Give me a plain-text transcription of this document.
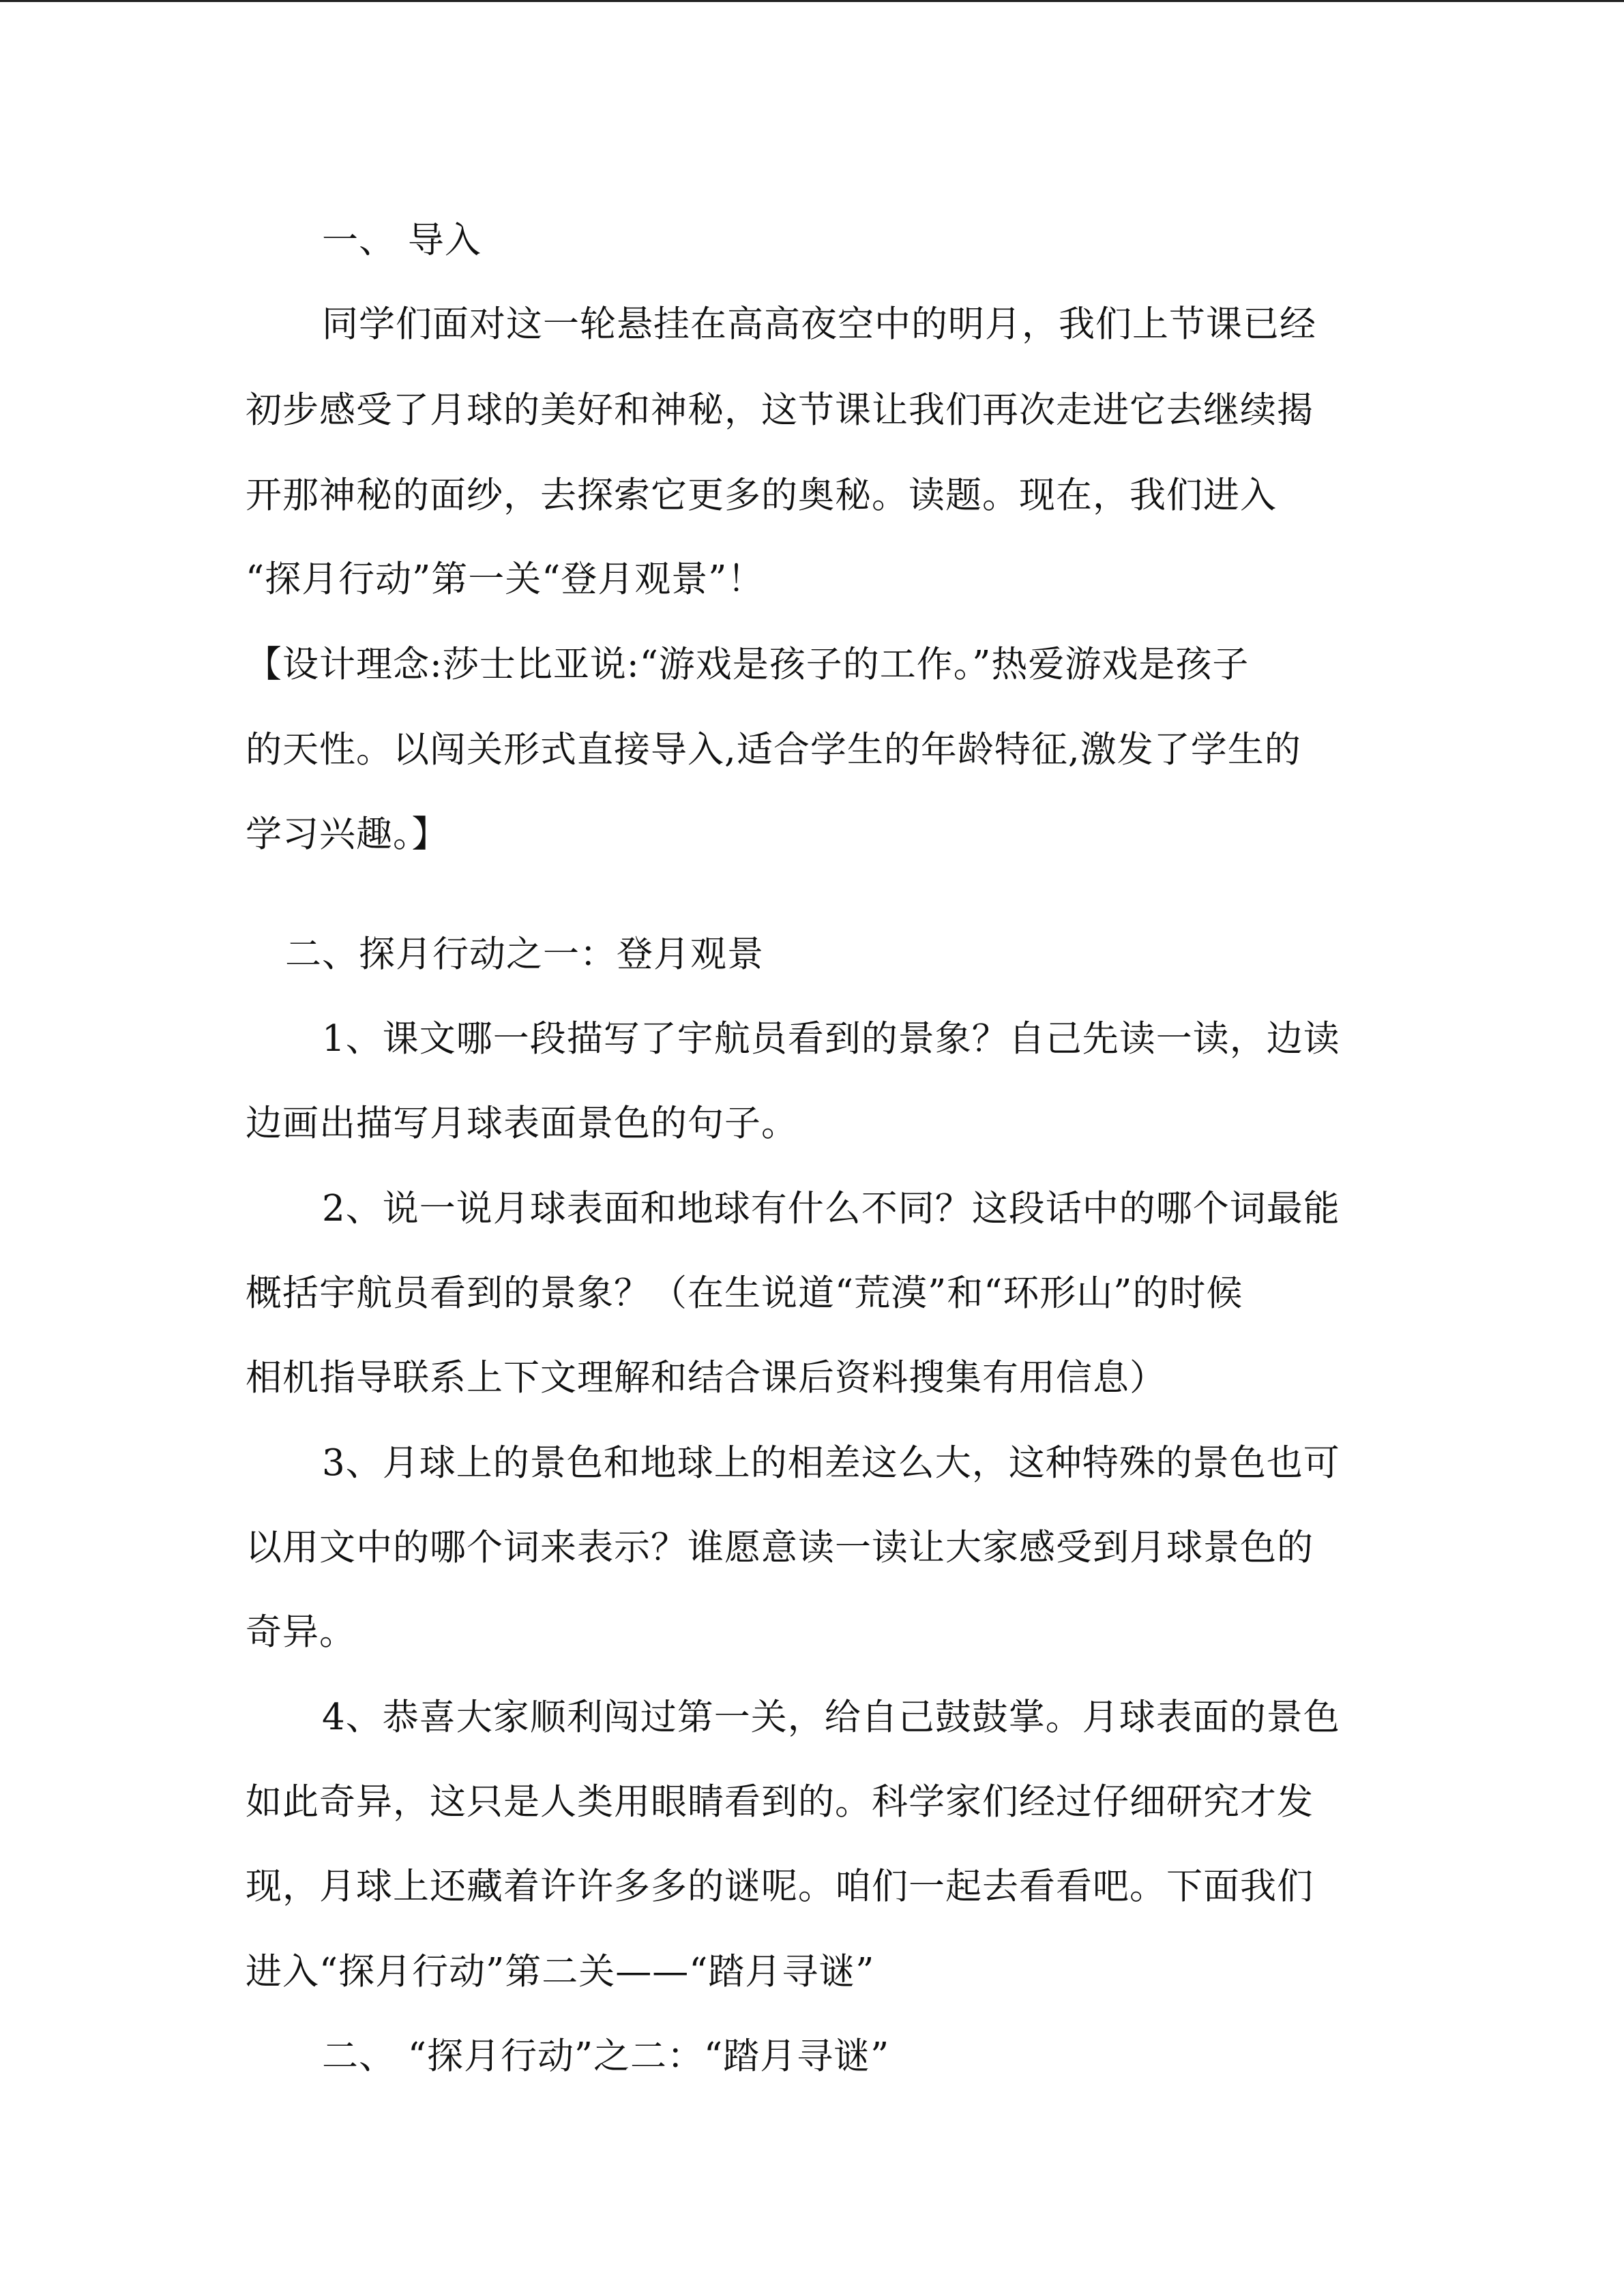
一、 导入
同学们面对这一轮悬挂在高高夜空中的明月，我们上节课已经
初步感受了月球的美好和神秘，这节课让我们再次走进它去继续揭
开那神秘的面纱，去探索它更多的奥秘。读题。现在，我们进入
“探月行动”第一关“登月观景”！
【设计理念:莎士比亚说:“游戏是孩子的工作。”热爱游戏是孩子
的天性。以闯关形式直接导入,适合学生的年龄特征,激发了学生的
学习兴趣。】
二、探月行动之一：登月观景
1、课文哪一段描写了宇航员看到的景象？自己先读一读，边读
边画出描写月球表面景色的句子。
2、说一说月球表面和地球有什么不同？这段话中的哪个词最能
概括宇航员看到的景象？（在生说道“荒漠”和“环形山”的时候
相机指导联系上下文理解和结合课后资料搜集有用信息）
3、月球上的景色和地球上的相差这么大，这种特殊的景色也可
以用文中的哪个词来表示？谁愿意读一读让大家感受到月球景色的
奇异。
4、恭喜大家顺利闯过第一关，给自己鼓鼓掌。月球表面的景色
如此奇异，这只是人类用眼睛看到的。科学家们经过仔细研究才发
现，月球上还藏着许许多多的谜呢。咱们一起去看看吧。下面我们
进入“探月行动”第二关——“踏月寻谜”
二、 “探月行动”之二：“踏月寻谜”
